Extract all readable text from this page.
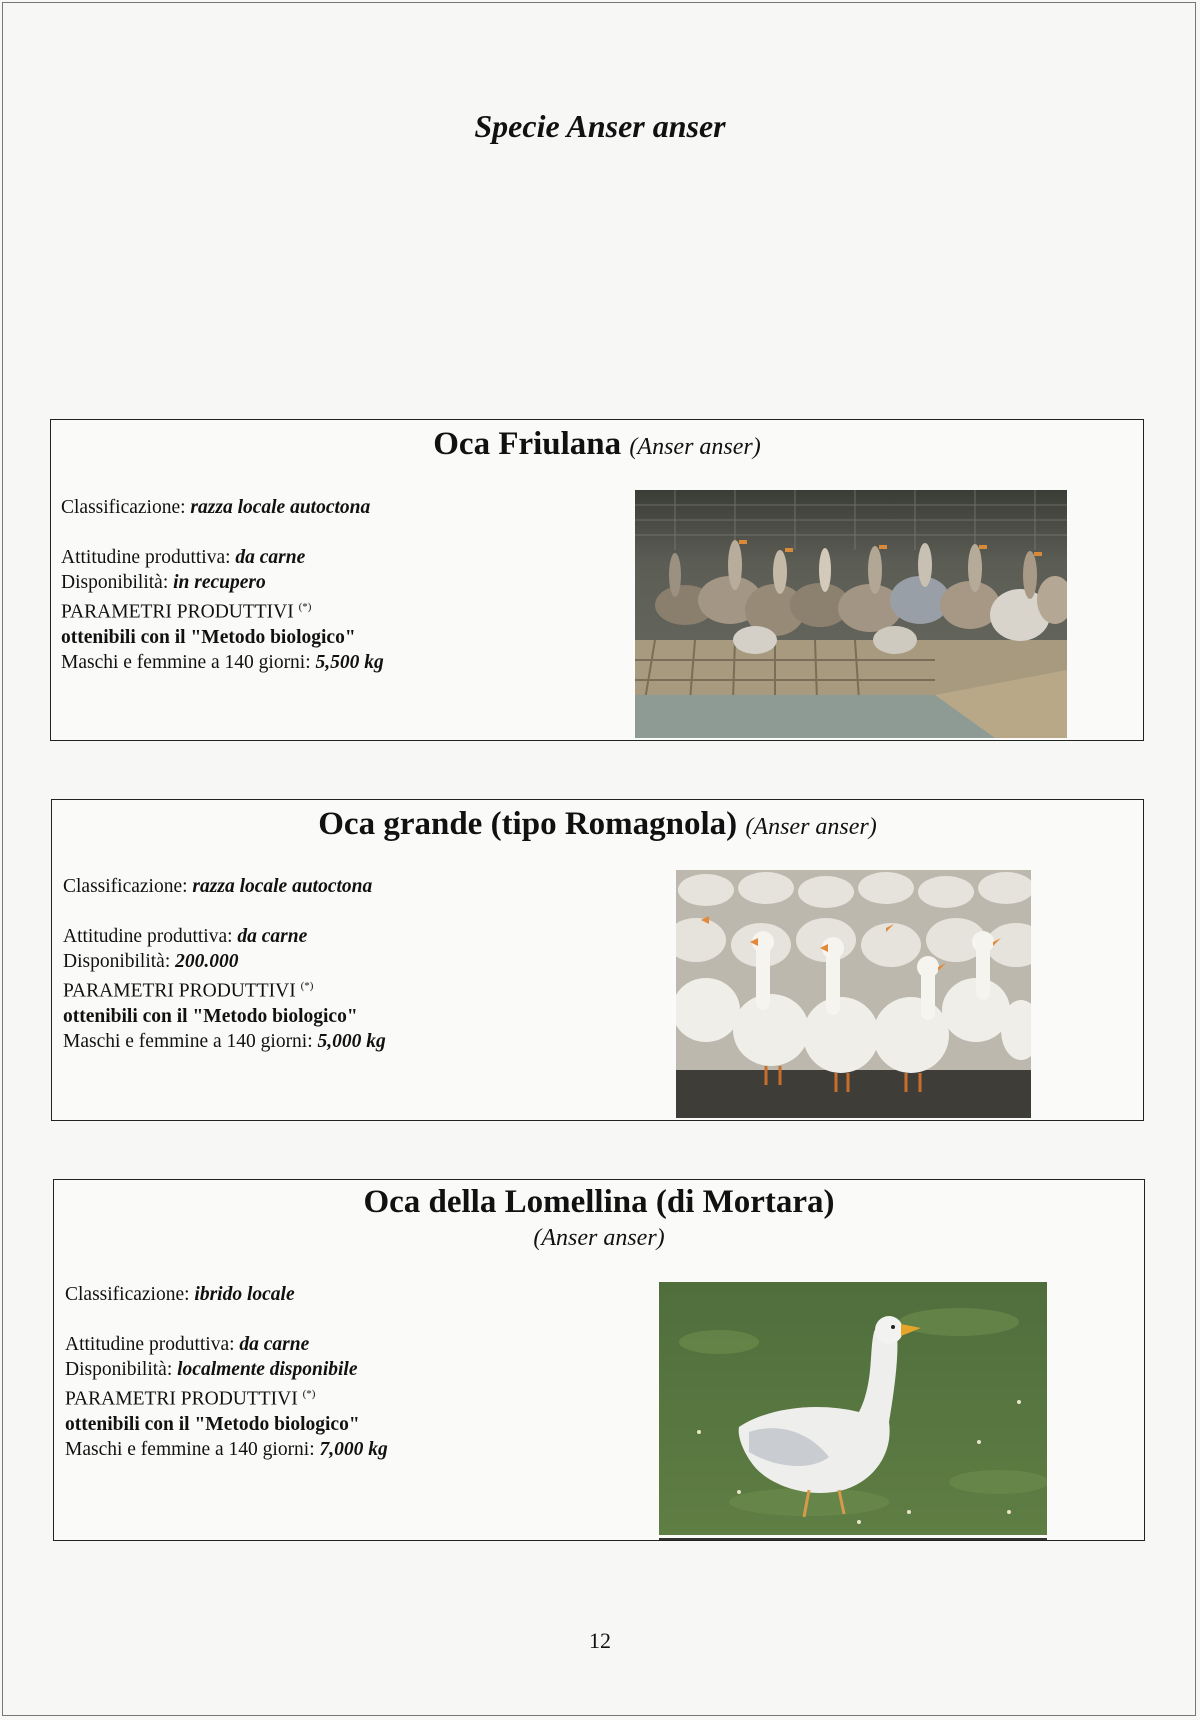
Specie Anser anser
Oca Friulana (Anser anser)
Classificazione: razza locale autoctona
Attitudine produttiva: da carne
Disponibilità: in recupero
PARAMETRI PRODUTTIVI (*)
ottenibili con il "Metodo biologico"
Maschi e femmine a 140 giorni: 5,500 kg
Oca grande (tipo Romagnola) (Anser anser)
Classificazione: razza locale autoctona
Attitudine produttiva: da carne
Disponibilità: 200.000
PARAMETRI PRODUTTIVI (*)
ottenibili con il "Metodo biologico"
Maschi e femmine a 140 giorni: 5,000 kg
Oca della Lomellina (di Mortara)
(Anser anser)
Classificazione: ibrido locale
Attitudine produttiva: da carne
Disponibilità: localmente disponibile
PARAMETRI PRODUTTIVI (*)
ottenibili con il "Metodo biologico"
Maschi e femmine a 140 giorni: 7,000 kg
12
